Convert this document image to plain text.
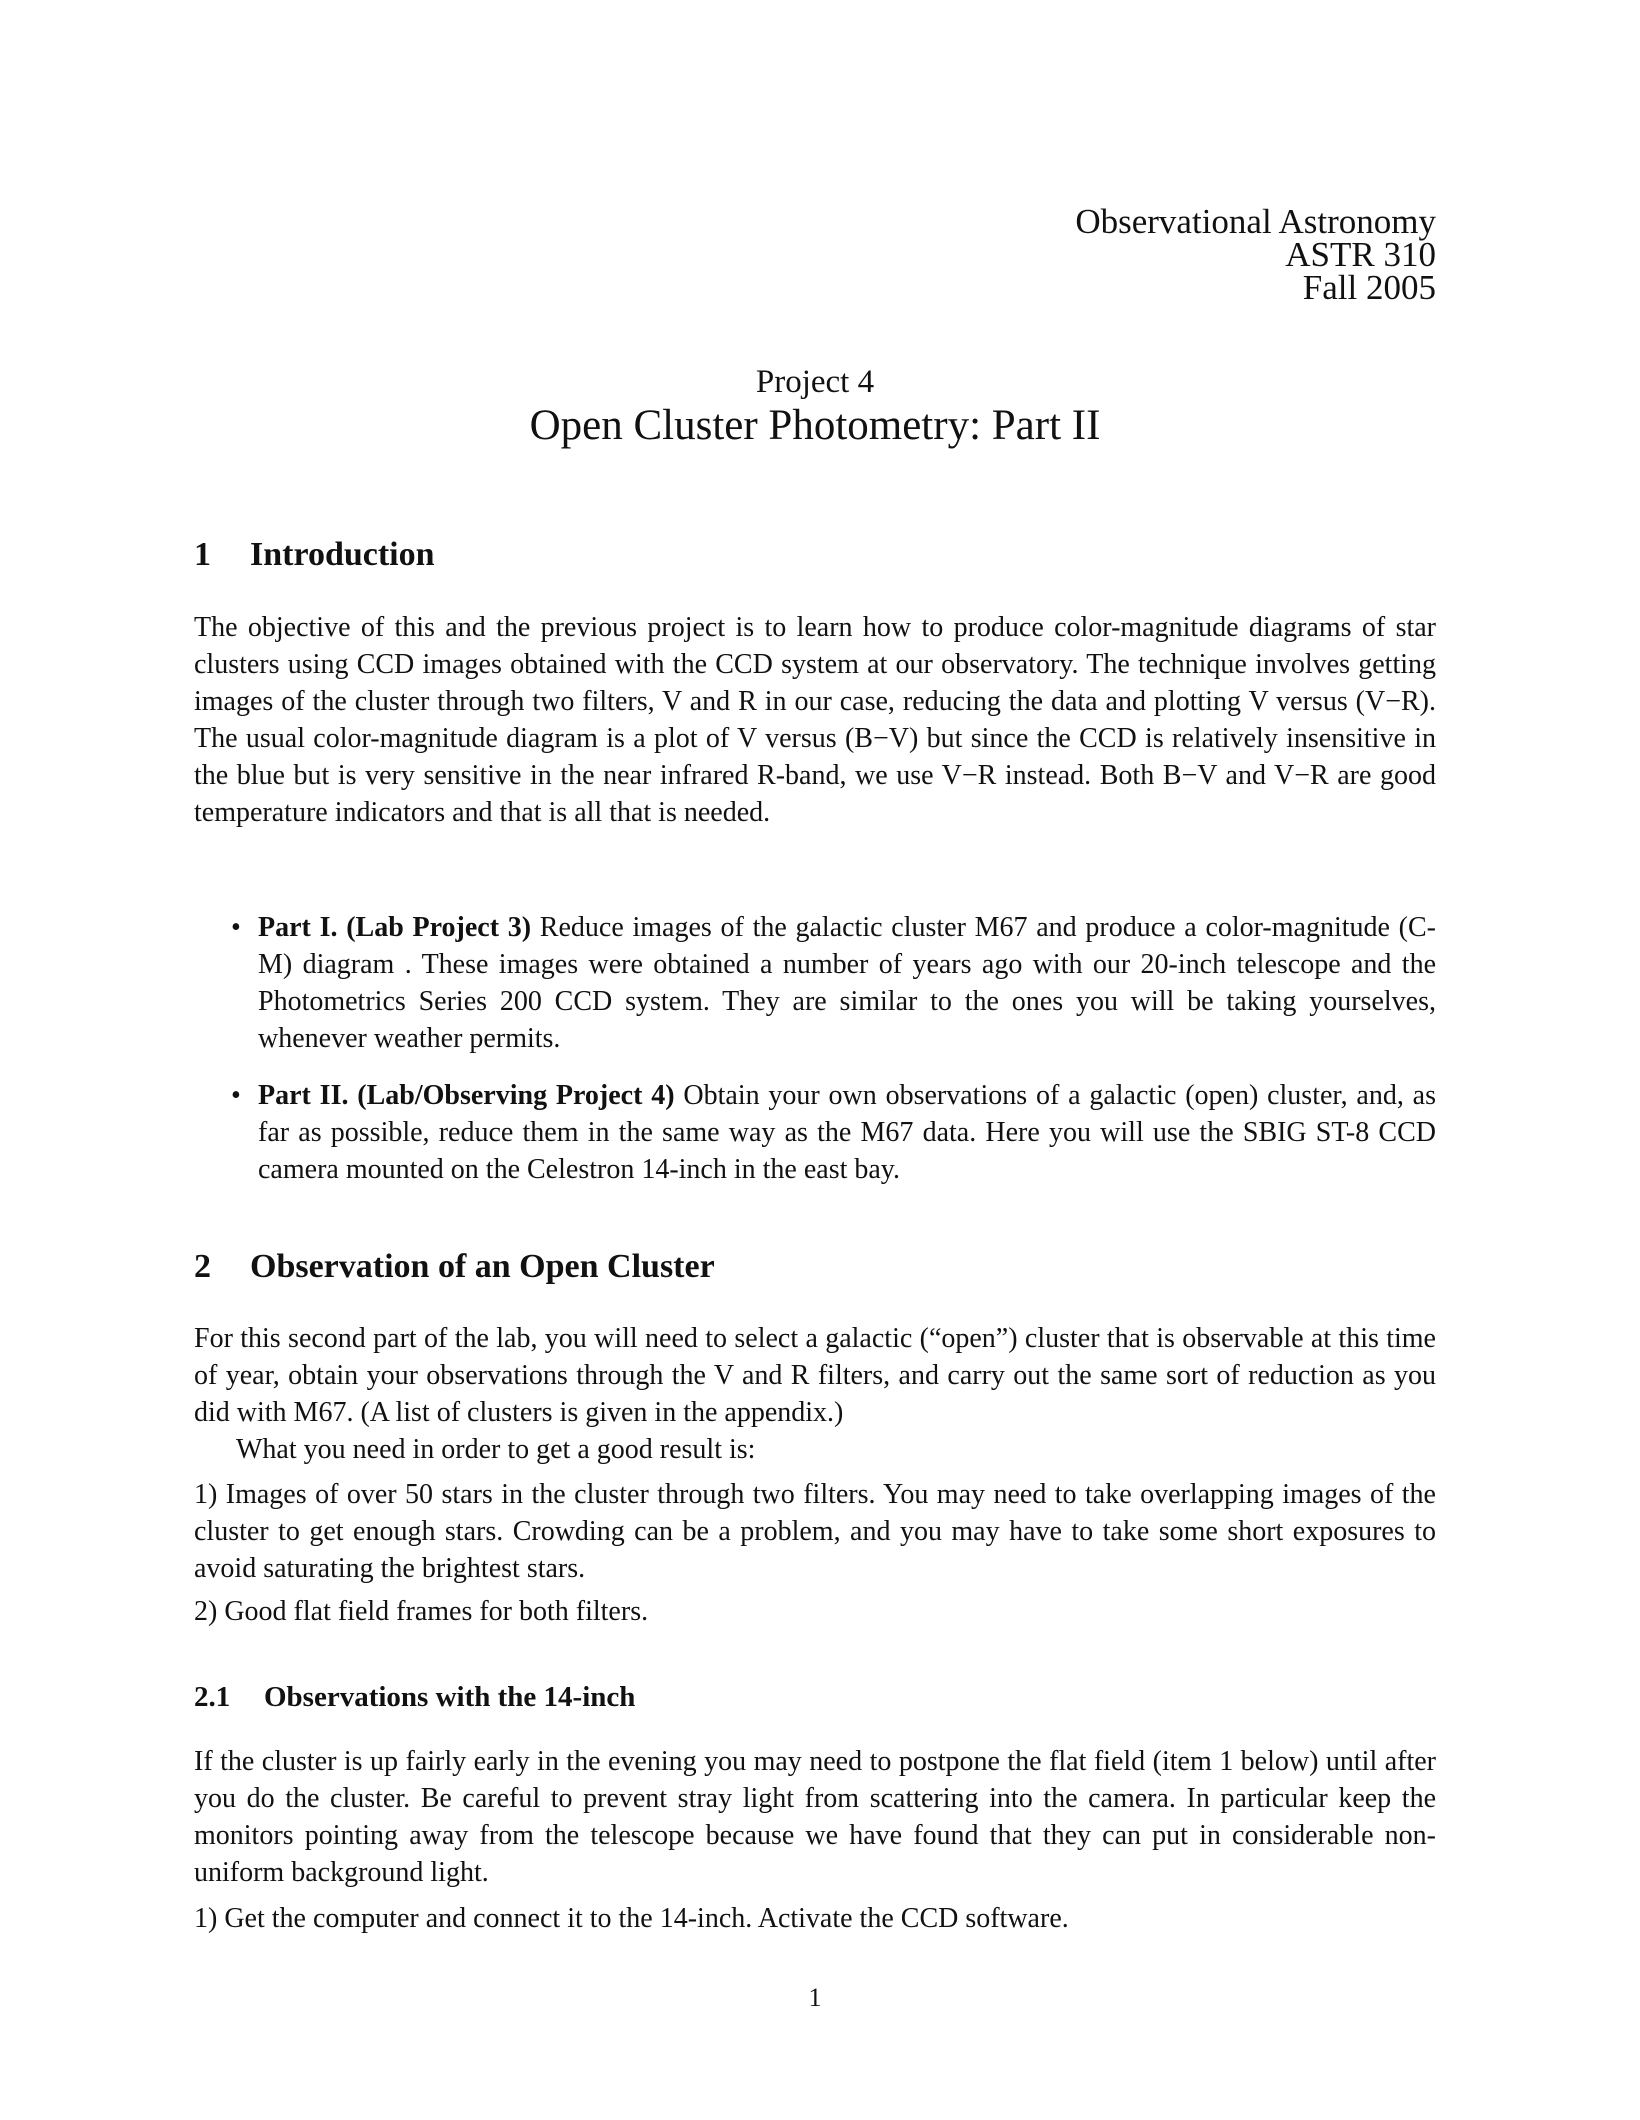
Observational Astronomy
ASTR 310
Fall 2005
Project 4
Open Cluster Photometry: Part II
1 Introduction
The objective of this and the previous project is to learn how to produce color-magnitude diagrams of star clusters using CCD images obtained with the CCD system at our observatory. The technique involves getting images of the cluster through two filters, V and R in our case, reducing the data and plotting V versus (V−R). The usual color-magnitude diagram is a plot of V versus (B−V) but since the CCD is relatively insensitive in the blue but is very sensitive in the near infrared R-band, we use V−R instead. Both B−V and V−R are good temperature indicators and that is all that is needed.
• Part I. (Lab Project 3) Reduce images of the galactic cluster M67 and produce a color-magnitude (C-M) diagram . These images were obtained a number of years ago with our 20-inch telescope and the Photometrics Series 200 CCD system. They are similar to the ones you will be taking yourselves, whenever weather permits.
• Part II. (Lab/Observing Project 4) Obtain your own observations of a galactic (open) cluster, and, as far as possible, reduce them in the same way as the M67 data. Here you will use the SBIG ST-8 CCD camera mounted on the Celestron 14-inch in the east bay.
2 Observation of an Open Cluster
For this second part of the lab, you will need to select a galactic (“open”) cluster that is observable at this time of year, obtain your observations through the V and R filters, and carry out the same sort of reduction as you did with M67. (A list of clusters is given in the appendix.)
What you need in order to get a good result is:
1) Images of over 50 stars in the cluster through two filters. You may need to take overlapping images of the cluster to get enough stars. Crowding can be a problem, and you may have to take some short exposures to avoid saturating the brightest stars.
2) Good flat field frames for both filters.
2.1 Observations with the 14-inch
If the cluster is up fairly early in the evening you may need to postpone the flat field (item 1 below) until after you do the cluster. Be careful to prevent stray light from scattering into the camera. In particular keep the monitors pointing away from the telescope because we have found that they can put in considerable non-uniform background light.
1) Get the computer and connect it to the 14-inch. Activate the CCD software.
1
